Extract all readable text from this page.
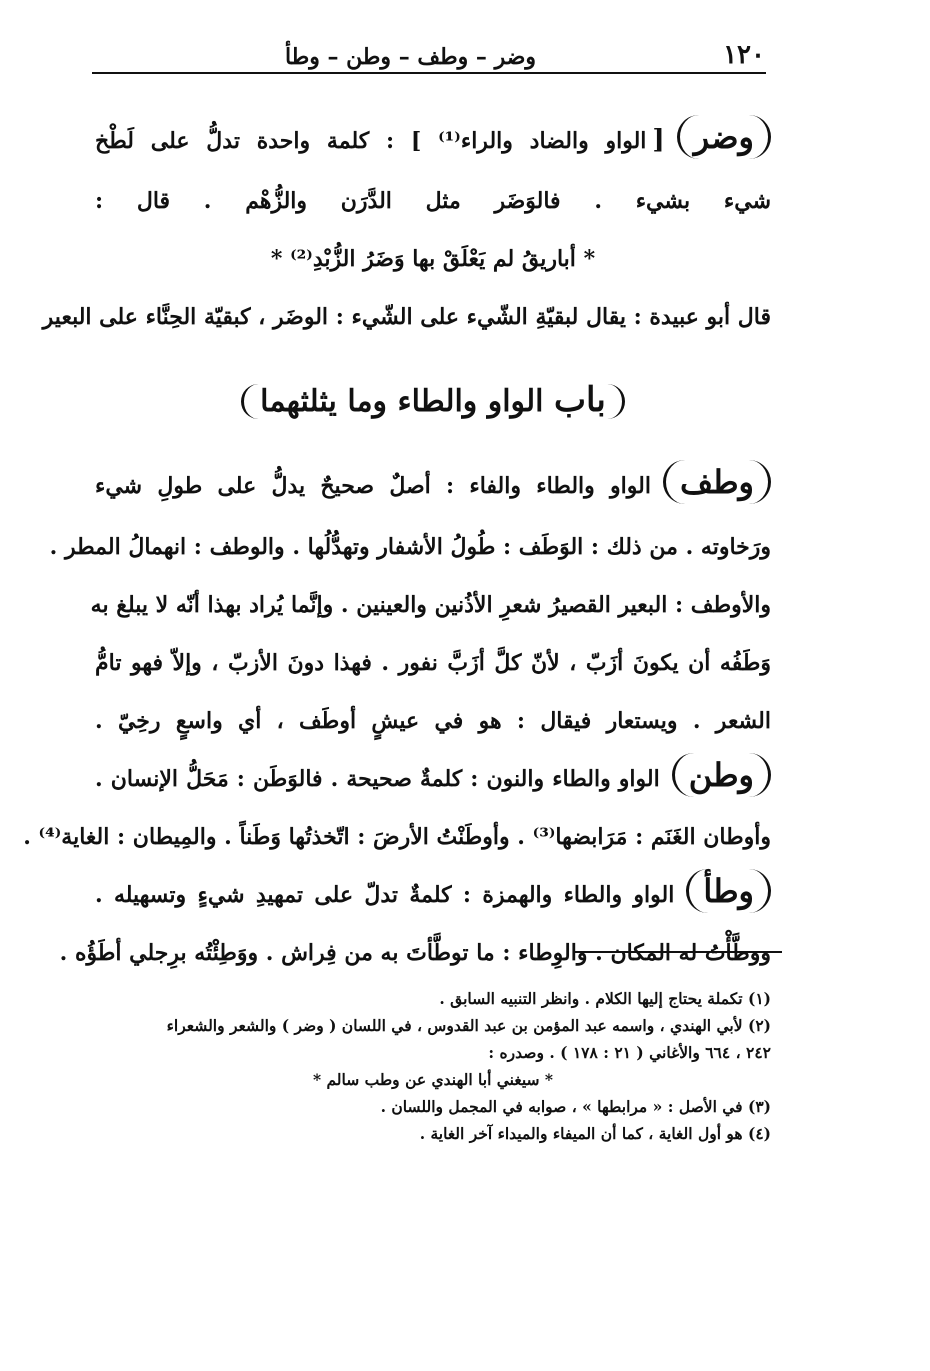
١٢٠
وضر – وطف – وطن – وطأ
وضر[الواو والضاد والراء⁽¹⁾ ] : كلمة واحدة تدلُّ على لَطْخ
شيء بشيء . فالوَضَر مثل الدَّرَن والزُّهْم . قال :
* أباريقُ لم يَعْلَقْ بها وَضَرُ الزُّبْدِ⁽²⁾ *
قال أبو عبيدة : يقال لبقيّةِ الشّيء على الشّيء : الوضَر ، كبقيّة الحِنَّاء على البعير
باب الواو والطاء وما يثلثهما
وطفالواو والطاء والفاء : أصلٌ صحيحٌ يدلُّ على طولِ شيء
ورَخاوته . من ذلك : الوَطَف : طُولُ الأشفار وتهدُّلُها . والوطف : انهمالُ المطر .
والأوطف : البعير القصيرُ شعرِ الأذُنين والعينين . وإنَّما يُراد بهذا أنّه لا يبلغ به
وَطَفُه أن يكونَ أزَبّ ، لأنّ كلَّ أزَبَّ نفور . فهذا دونَ الأزبّ ، وإلاّ فهو تامُّ
الشعر . ويستعار فيقال : هو في عيشٍ أوطَف ، أي واسعٍ رخِيّ .
وطنالواو والطاء والنون : كلمةٌ صحيحة . فالوَطَن : مَحَلُّ الإنسان .
وأوطان الغَنَم : مَرَابضها⁽³⁾ . وأوطَنْتُ الأرضَ : اتّخذتُها وَطَناً . والمِيطان : الغاية⁽⁴⁾ .
وطأالواو والطاء والهمزة : كلمةٌ تدلّ على تمهيدِ شيءٍ وتسهيله .
ووطَّأْتُ له المكان . والوِطاء : ما توطَّأتَ به من فِراش . ووَطِئْتُه برِجلي أطَؤُه .
(١) تكملة يحتاج إليها الكلام . وانظر التنبيه السابق .
(٢) لأبي الهندي ، واسمه عبد المؤمن بن عبد القدوس ، في اللسان ( وضر ) والشعر والشعراء
٢٤٢ ، ٦٦٤ والأغاني ( ٢١ : ١٧٨ ) . وصدره :
* سيغني أبا الهندي عن وطب سالم *
(٣) في الأصل : « مرابطها » ، صوابه في المجمل واللسان .
(٤) هو أول الغاية ، كما أن الميفاء والميداء آخر الغاية .
